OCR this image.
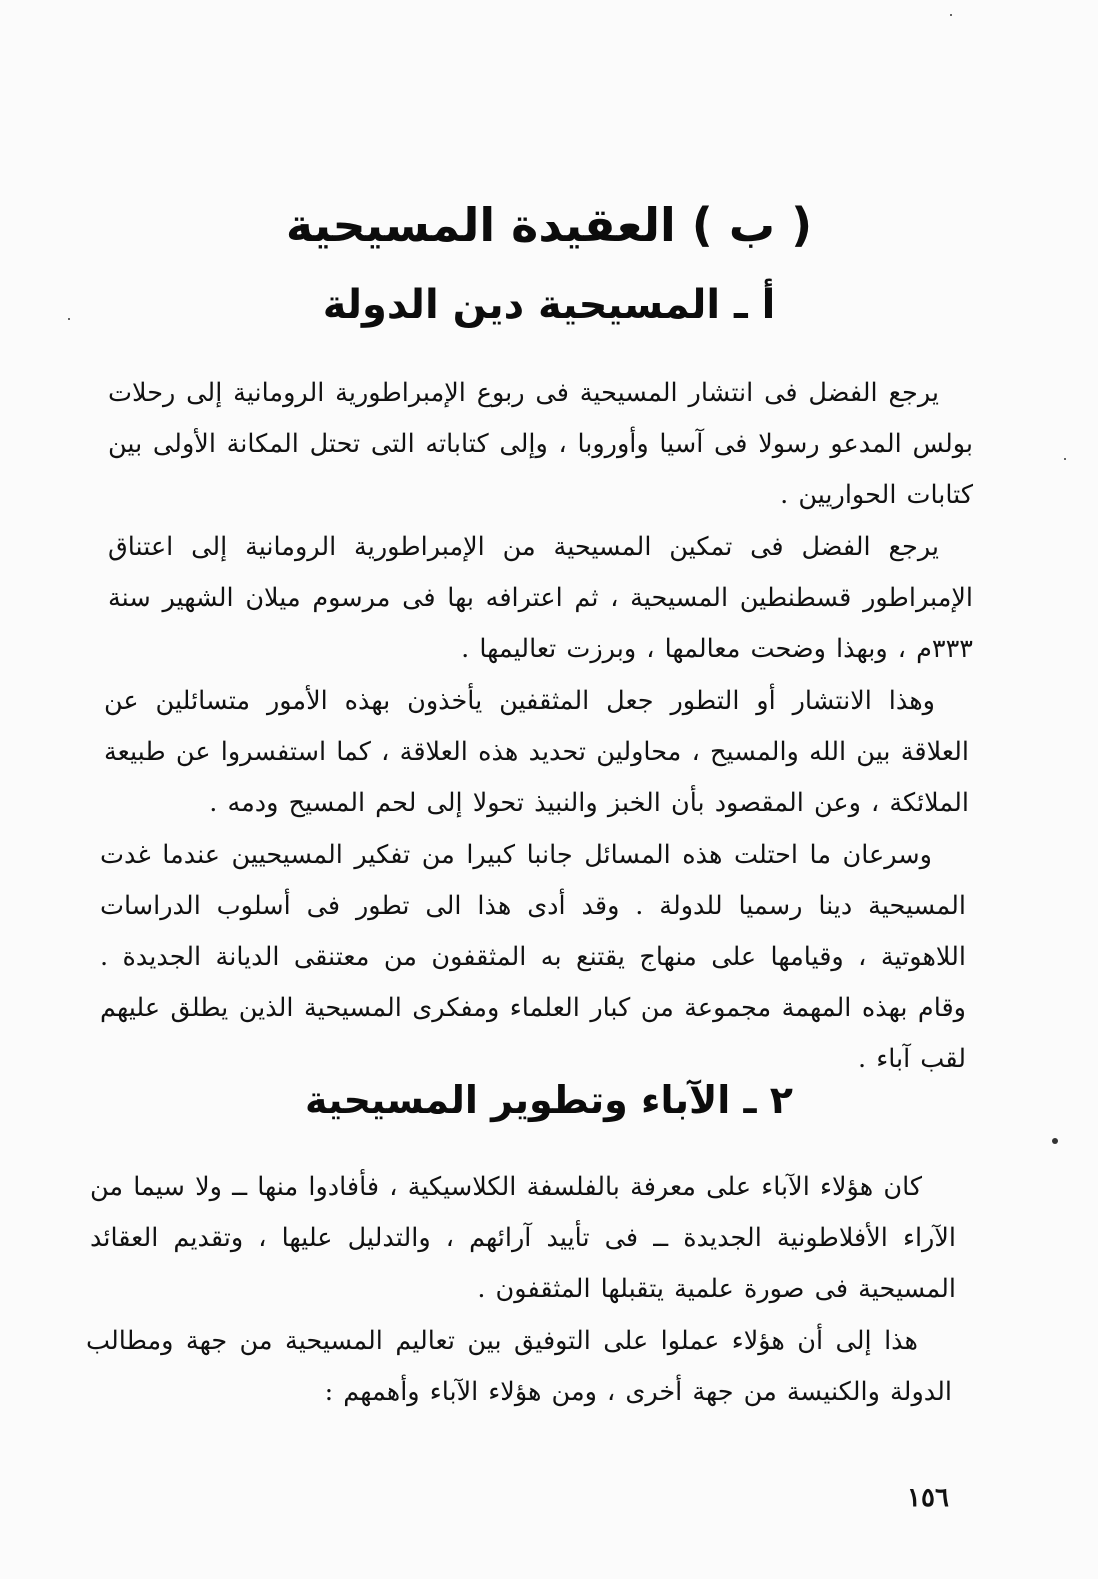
( ب ) العقيدة المسيحية
أ ـ المسيحية دين الدولة

يرجع الفضل فى انتشار المسيحية فى ربوع الإمبراطورية الرومانية إلى رحلات بولس المدعو رسولا فى آسيا وأوروبا ، وإلى كتاباته التى تحتل المكانة الأولى بين كتابات الحواريين .

يرجع الفضل فى تمكين المسيحية من الإمبراطورية الرومانية إلى اعتناق الإمبراطور قسطنطين المسيحية ، ثم اعترافه بها فى مرسوم ميلان الشهير سنة ٣٣٣م ، وبهذا وضحت معالمها ، وبرزت تعاليمها .

وهذا الانتشار أو التطور جعل المثقفين يأخذون بهذه الأمور متسائلين عن العلاقة بين الله والمسيح ، محاولين تحديد هذه العلاقة ، كما استفسروا عن طبيعة الملائكة ، وعن المقصود بأن الخبز والنبيذ تحولا إلى لحم المسيح ودمه .

وسرعان ما احتلت هذه المسائل جانبا كبيرا من تفكير المسيحيين عندما غدت المسيحية دينا رسميا للدولة . وقد أدى هذا الى تطور فى أسلوب الدراسات اللاهوتية ، وقيامها على منهاج يقتنع به المثقفون من معتنقى الديانة الجديدة . وقام بهذه المهمة مجموعة من كبار العلماء ومفكرى المسيحية الذين يطلق عليهم لقب آباء .

٢ ـ الآباء وتطوير المسيحية

كان هؤلاء الآباء على معرفة بالفلسفة الكلاسيكية ، فأفادوا منها ــ ولا سيما من الآراء الأفلاطونية الجديدة ــ فى تأييد آرائهم ، والتدليل عليها ، وتقديم العقائد المسيحية فى صورة علمية يتقبلها المثقفون .

هذا إلى أن هؤلاء عملوا على التوفيق بين تعاليم المسيحية من جهة ومطالب الدولة والكنيسة من جهة أخرى ، ومن هؤلاء الآباء وأهمهم :

١٥٦
